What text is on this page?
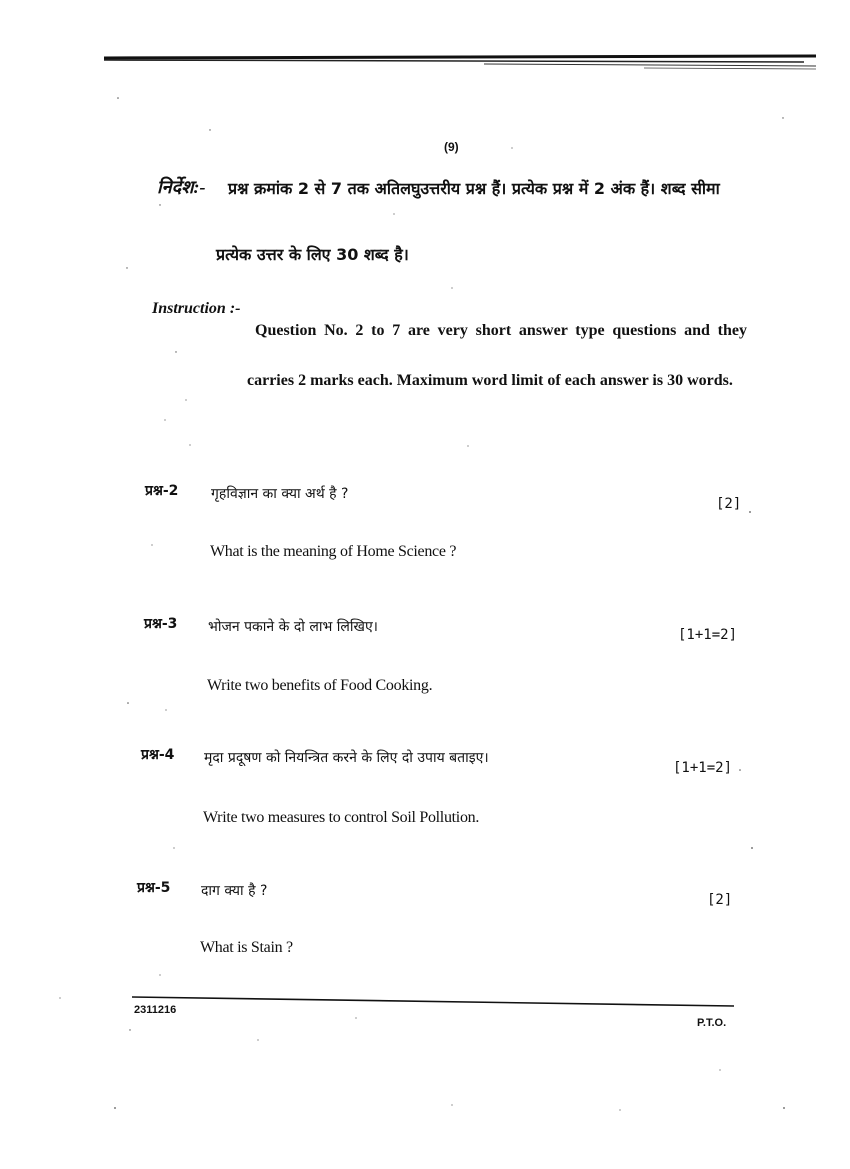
(9)
निर्देश:- प्रश्न क्रमांक 2 से 7 तक अतिलघुउत्तरीय प्रश्न हैं। प्रत्येक प्रश्न में 2 अंक हैं। शब्द सीमा
प्रत्येक उत्तर के लिए 30 शब्द है।
Instruction :-
Question No. 2 to 7 are very short answer type questions and they carries 2 marks each. Maximum word limit of each answer is 30 words.
प्रश्न-2 गृहविज्ञान का क्या अर्थ है ?
[2]
What is the meaning of Home Science ?
प्रश्न-3 भोजन पकाने के दो लाभ लिखिए।	[1+1=2]
Write two benefits of Food Cooking.
प्रश्न-4 मृदा प्रदूषण को नियन्त्रित करने के लिए दो उपाय बताइए।
[1+1=2]
Write two measures to control Soil Pollution.
प्रश्न-5 दाग क्या है ?
[2]
What is Stain ?
2311216
P.T.O.
